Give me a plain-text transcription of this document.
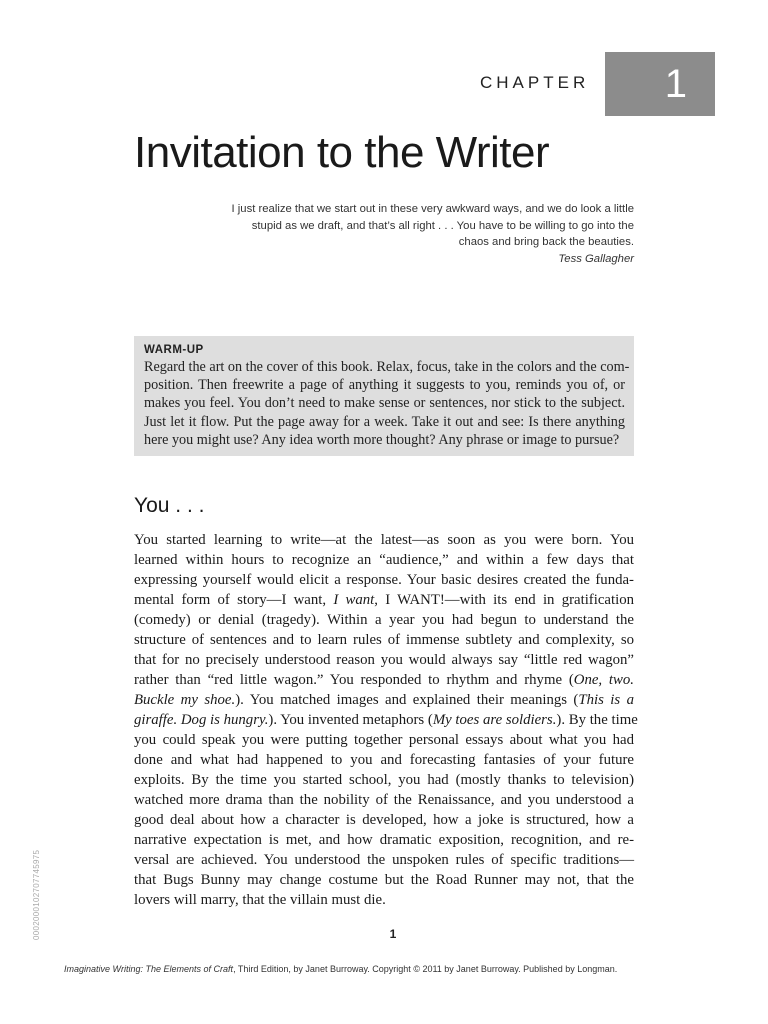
CHAPTER 1
Invitation to the Writer
I just realize that we start out in these very awkward ways, and we do look a little
stupid as we draft, and that’s all right . . . You have to be willing to go into the
chaos and bring back the beauties.
Tess Gallagher
WARM-UP
Regard the art on the cover of this book. Relax, focus, take in the colors and the com-
position. Then freewrite a page of anything it suggests to you, reminds you of, or
makes you feel. You don’t need to make sense or sentences, nor stick to the subject.
Just let it flow. Put the page away for a week. Take it out and see: Is there anything
here you might use? Any idea worth more thought? Any phrase or image to pursue?
You . . .
You started learning to write—at the latest—as soon as you were born. You
learned within hours to recognize an “audience,” and within a few days that
expressing yourself would elicit a response. Your basic desires created the funda-
mental form of story—I want, I want, I WANT!—with its end in gratification
(comedy) or denial (tragedy). Within a year you had begun to understand the
structure of sentences and to learn rules of immense subtlety and complexity, so
that for no precisely understood reason you would always say “little red wagon”
rather than “red little wagon.” You responded to rhythm and rhyme (One, two.
Buckle my shoe.). You matched images and explained their meanings (This is a
giraffe. Dog is hungry.). You invented metaphors (My toes are soldiers.). By the time
you could speak you were putting together personal essays about what you had
done and what had happened to you and forecasting fantasies of your future
exploits. By the time you started school, you had (mostly thanks to television)
watched more drama than the nobility of the Renaissance, and you understood a
good deal about how a character is developed, how a joke is structured, how a
narrative expectation is met, and how dramatic exposition, recognition, and re-
versal are achieved. You understood the unspoken rules of specific traditions—
that Bugs Bunny may change costume but the Road Runner may not, that the
lovers will marry, that the villain must die.
1
Imaginative Writing: The Elements of Craft, Third Edition, by Janet Burroway. Copyright © 2011 by Janet Burroway. Published by Longman.
0002000102707745975
